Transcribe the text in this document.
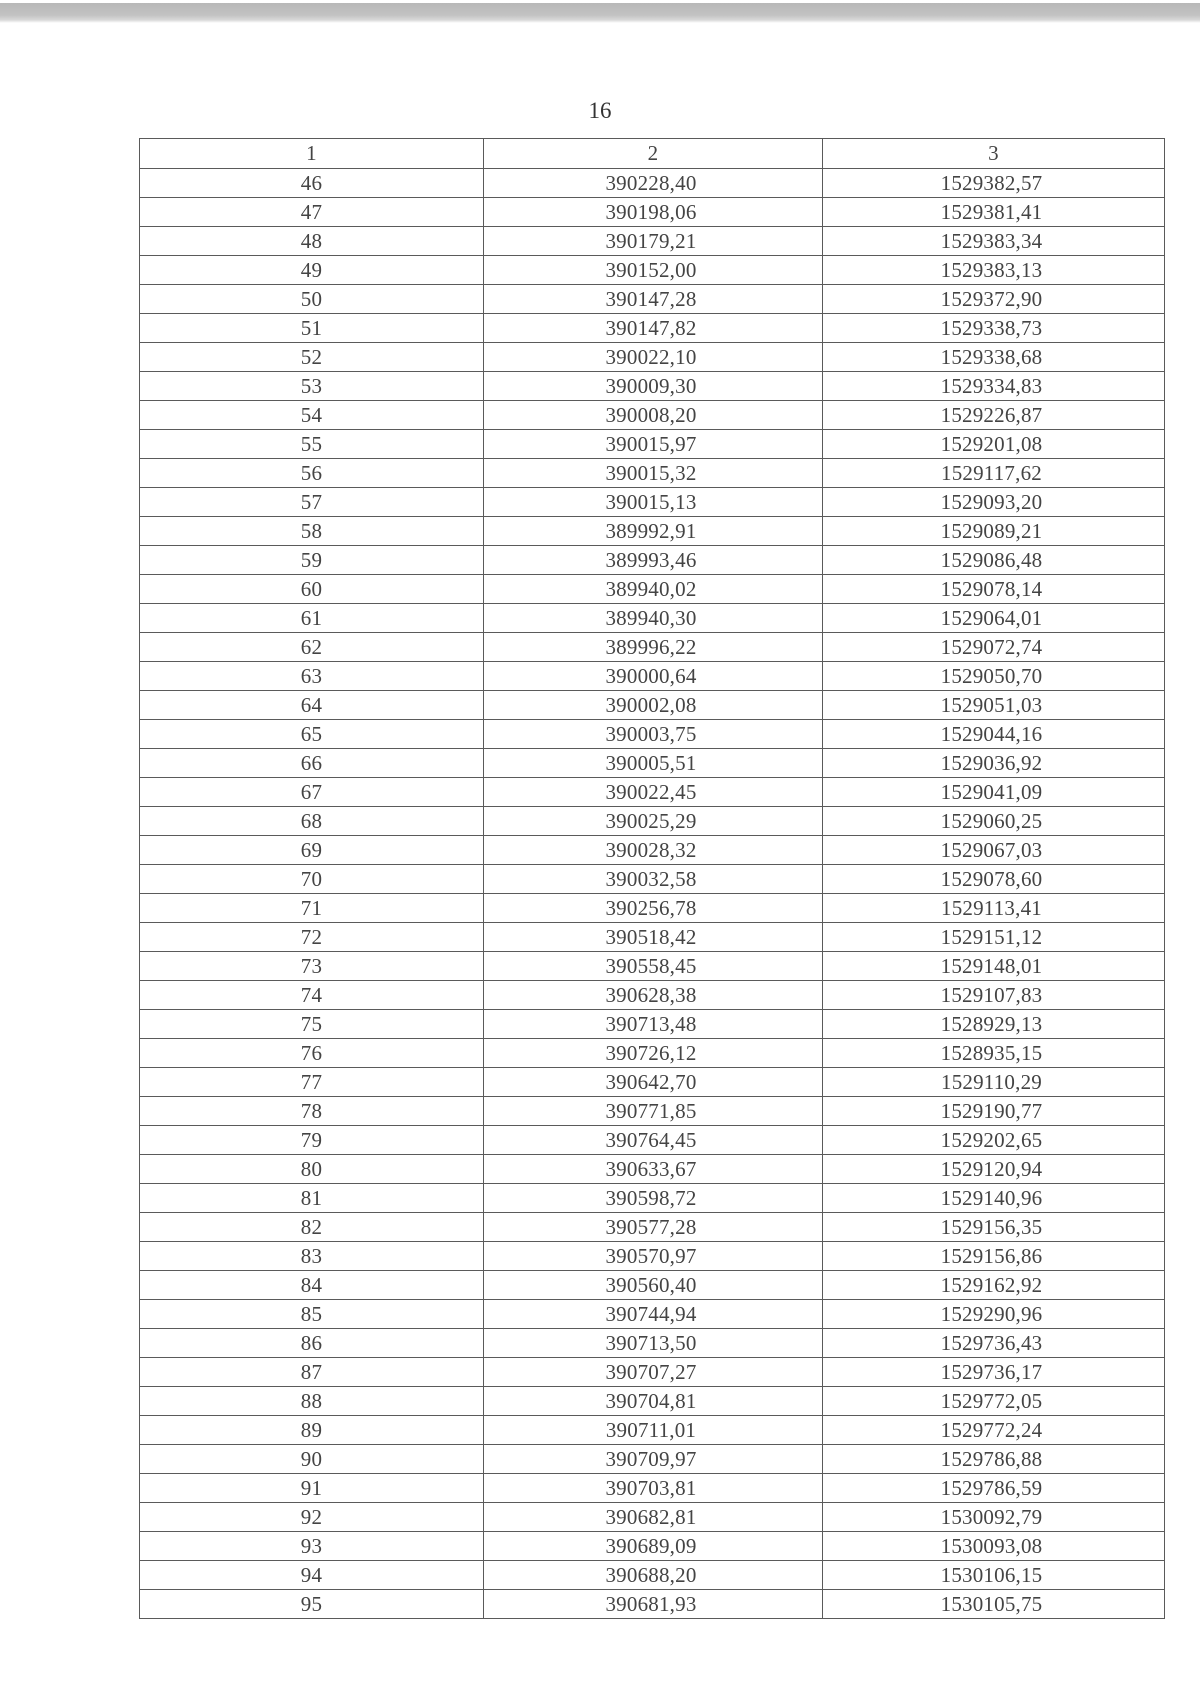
16
1	2	3
46	390228,40	1529382,57
47	390198,06	1529381,41
48	390179,21	1529383,34
49	390152,00	1529383,13
50	390147,28	1529372,90
51	390147,82	1529338,73
52	390022,10	1529338,68
53	390009,30	1529334,83
54	390008,20	1529226,87
55	390015,97	1529201,08
56	390015,32	1529117,62
57	390015,13	1529093,20
58	389992,91	1529089,21
59	389993,46	1529086,48
60	389940,02	1529078,14
61	389940,30	1529064,01
62	389996,22	1529072,74
63	390000,64	1529050,70
64	390002,08	1529051,03
65	390003,75	1529044,16
66	390005,51	1529036,92
67	390022,45	1529041,09
68	390025,29	1529060,25
69	390028,32	1529067,03
70	390032,58	1529078,60
71	390256,78	1529113,41
72	390518,42	1529151,12
73	390558,45	1529148,01
74	390628,38	1529107,83
75	390713,48	1528929,13
76	390726,12	1528935,15
77	390642,70	1529110,29
78	390771,85	1529190,77
79	390764,45	1529202,65
80	390633,67	1529120,94
81	390598,72	1529140,96
82	390577,28	1529156,35
83	390570,97	1529156,86
84	390560,40	1529162,92
85	390744,94	1529290,96
86	390713,50	1529736,43
87	390707,27	1529736,17
88	390704,81	1529772,05
89	390711,01	1529772,24
90	390709,97	1529786,88
91	390703,81	1529786,59
92	390682,81	1530092,79
93	390689,09	1530093,08
94	390688,20	1530106,15
95	390681,93	1530105,75
